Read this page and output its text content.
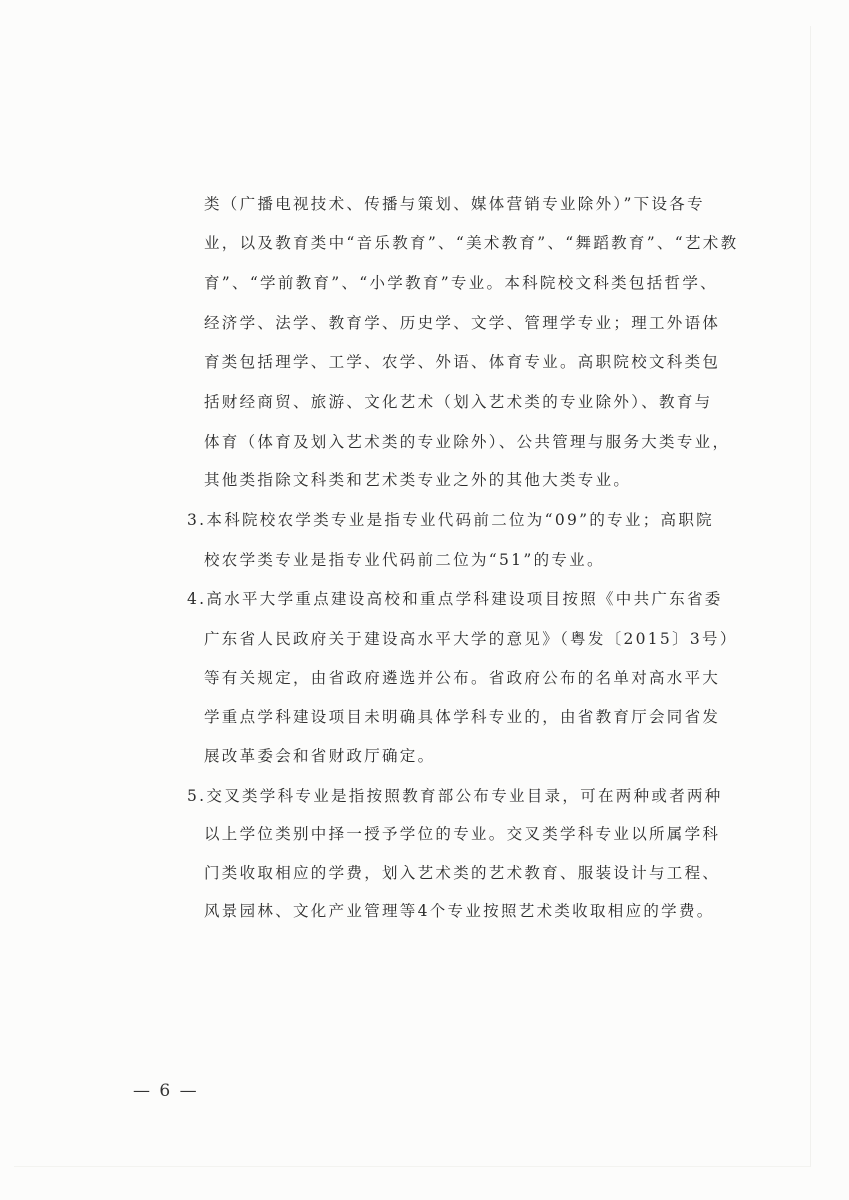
类（广播电视技术、传播与策划、媒体营销专业除外）”下设各专

业，以及教育类中“音乐教育”、“美术教育”、“舞蹈教育”、“艺术教

育”、“学前教育”、“小学教育”专业。本科院校文科类包括哲学、

经济学、法学、教育学、历史学、文学、管理学专业；理工外语体

育类包括理学、工学、农学、外语、体育专业。高职院校文科类包

括财经商贸、旅游、文化艺术（划入艺术类的专业除外）、教育与

体育（体育及划入艺术类的专业除外）、公共管理与服务大类专业，

其他类指除文科类和艺术类专业之外的其他大类专业。

3.本科院校农学类专业是指专业代码前二位为“09”的专业；高职院

校农学类专业是指专业代码前二位为“51”的专业。

4.高水平大学重点建设高校和重点学科建设项目按照《中共广东省委

广东省人民政府关于建设高水平大学的意见》（粤发〔2015〕3号）

等有关规定，由省政府遴选并公布。省政府公布的名单对高水平大

学重点学科建设项目未明确具体学科专业的，由省教育厅会同省发

展改革委会和省财政厅确定。

5.交叉类学科专业是指按照教育部公布专业目录，可在两种或者两种

以上学位类别中择一授予学位的专业。交叉类学科专业以所属学科

门类收取相应的学费，划入艺术类的艺术教育、服装设计与工程、

风景园林、文化产业管理等4个专业按照艺术类收取相应的学费。

— 6 —
